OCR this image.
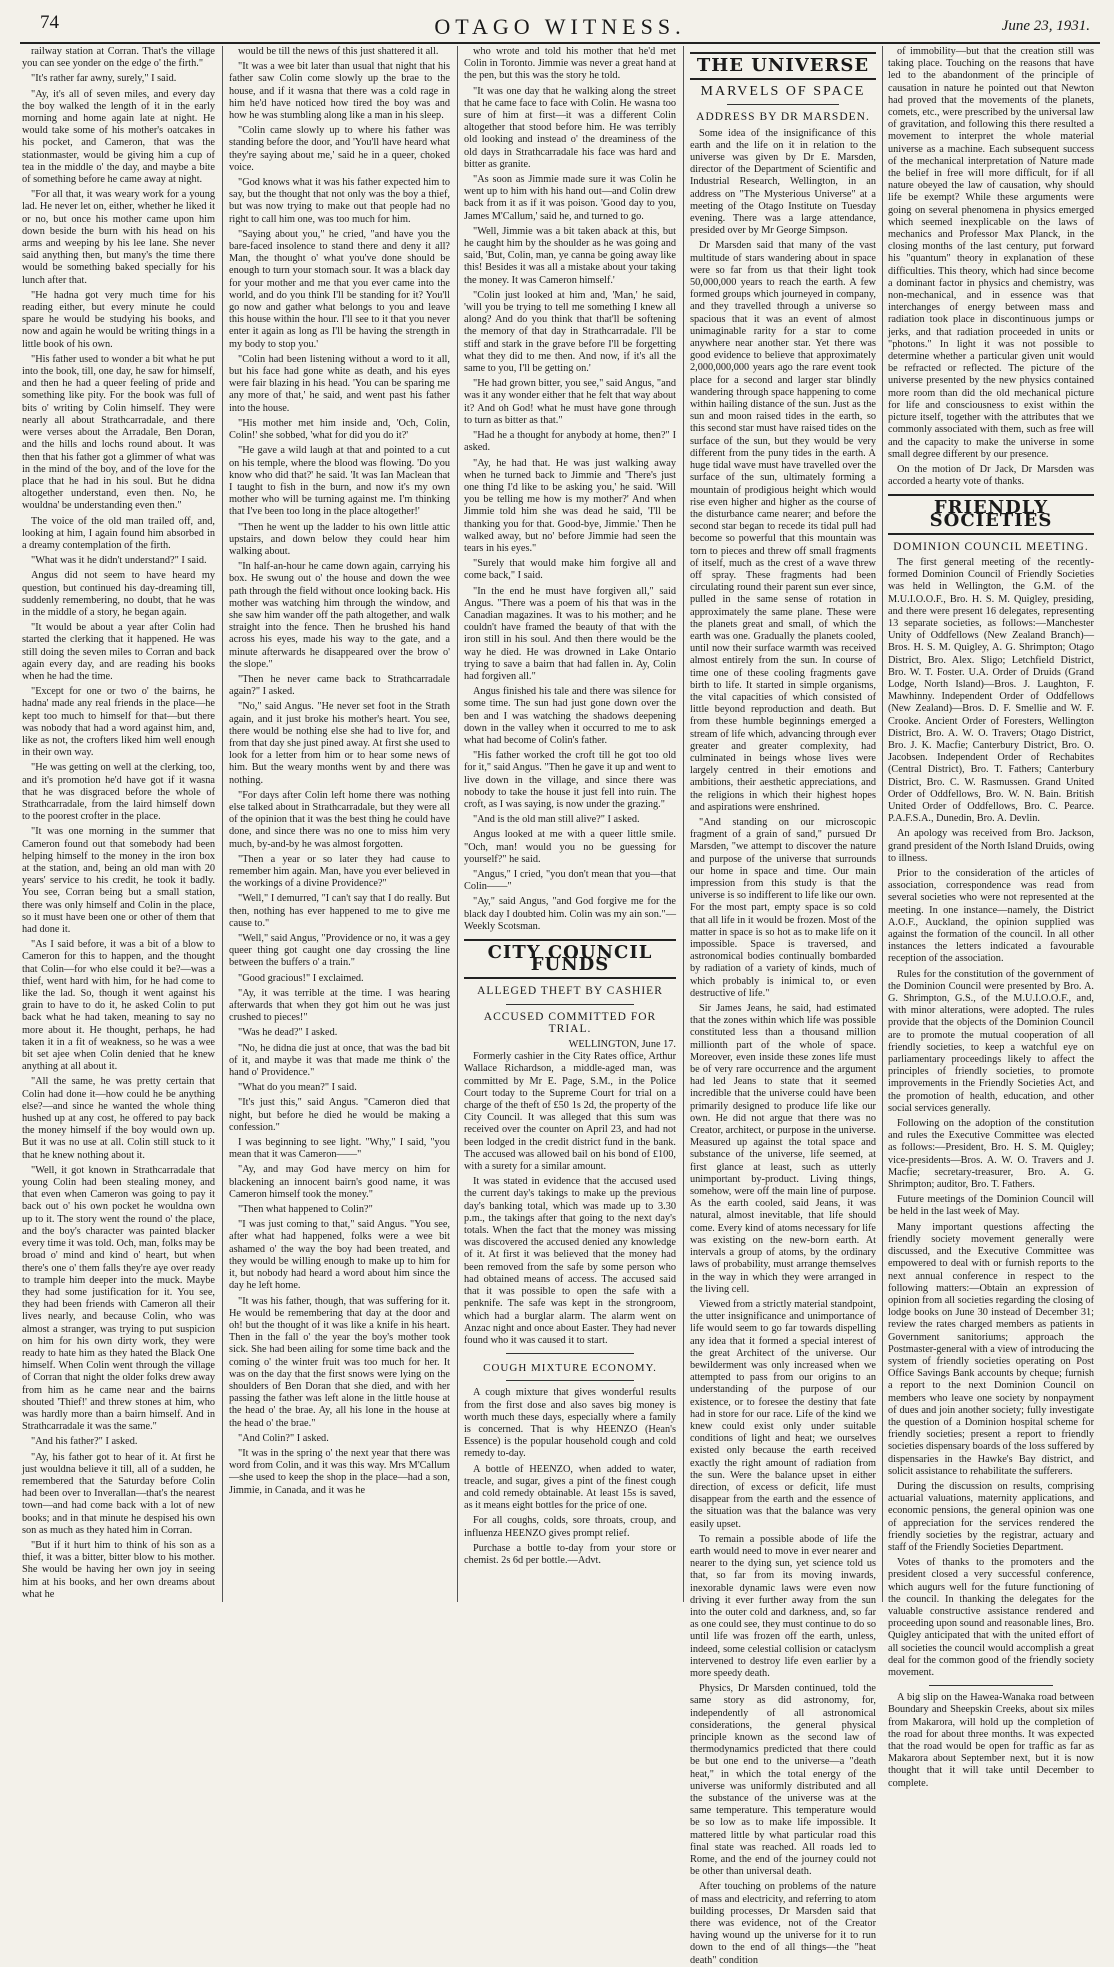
74	OTAGO WITNESS.	June 23, 1931.

railway station at Corran. That's the village you can see yonder on the edge o' the firth."

"It's rather far awny, surely," I said.

"Ay, it's all of seven miles, and every day the boy walked the length of it in the early morning and home again late at night. He would take some of his mother's oatcakes in his pocket, and Cameron, that was the stationmaster, would be giving him a cup of tea in the middle o' the day, and maybe a bite of something before he came away at night.

"For all that, it was weary work for a young lad. He never let on, either, whether he liked it or no, but once his mother came upon him down beside the burn with his head on his arms and weeping by his lee lane. She never said anything then, but many's the time there would be something baked specially for his lunch after that.

"He hadna got very much time for his reading either, but every minute he could spare he would be studying his books, and now and again he would be writing things in a little book of his own.

"His father used to wonder a bit what he put into the book, till, one day, he saw for himself, and then he had a queer feeling of pride and something like pity. For the book was full of bits o' writing by Colin himself. They were nearly all about Strathcarradale, and there were verses about the Arradale, Ben Doran, and the hills and lochs round about. It was then that his father got a glimmer of what was in the mind of the boy, and of the love for the place that he had in his soul. But he didna altogether understand, even then. No, he wouldna' be understanding even then."

The voice of the old man trailed off, and, looking at him, I again found him absorbed in a dreamy contemplation of the firth.

"What was it he didn't understand?" I said.

Angus did not seem to have heard my question, but continued his day-dreaming till, suddenly remembering, no doubt, that he was in the middle of a story, he began again.

"It would be about a year after Colin had started the clerking that it happened. He was still doing the seven miles to Corran and back again every day, and are reading his books when he had the time.

"Except for one or two o' the bairns, he hadna' made any real friends in the place—he kept too much to himself for that—but there was nobody that had a word against him, and, like as not, the crofters liked him well enough in their own way.

"He was getting on well at the clerking, too, and it's promotion he'd have got if it wasna that he was disgraced before the whole of Strathcarradale, from the laird himself down to the poorest crofter in the place.

"It was one morning in the summer that Cameron found out that somebody had been helping himself to the money in the iron box at the station, and, being an old man with 20 years' service to his credit, he took it badly. You see, Corran being but a small station, there was only himself and Colin in the place, so it must have been one or other of them that had done it.

"As I said before, it was a bit of a blow to Cameron for this to happen, and the thought that Colin—for who else could it be?—was a thief, went hard with him, for he had come to like the lad. So, though it went against his grain to have to do it, he asked Colin to put back what he had taken, meaning to say no more about it. He thought, perhaps, he had taken it in a fit of weakness, so he was a wee bit set ajee when Colin denied that he knew anything at all about it.

"All the same, he was pretty certain that Colin had done it—how could he be anything else?—and since he wanted the whole thing hushed up at any cost, he offered to pay back the money himself if the boy would own up. But it was no use at all. Colin still stuck to it that he knew nothing about it.

"Well, it got known in Strathcarradale that young Colin had been stealing money, and that even when Cameron was going to pay it back out o' his own pocket he wouldna own up to it. The story went the round o' the place, and the boy's character was painted blacker every time it was told. Och, man, folks may be broad o' mind and kind o' heart, but when there's one o' them falls they're aye over ready to trample him deeper into the muck. Maybe they had some justification for it. You see, they had been friends with Cameron all their lives nearly, and because Colin, who was almost a stranger, was trying to put suspicion on him for his own dirty work, they were ready to hate him as they hated the Black One himself. When Colin went through the village of Corran that night the older folks drew away from him as he came near and the bairns shouted 'Thief!' and threw stones at him, who was hardly more than a bairn himself. And in Strathcarradale it was the same."

"And his father?" I asked.

"Ay, his father got to hear of it. At first he just wouldna believe it till, all of a sudden, he remembered that the Saturday before Colin had been over to Inverallan—that's the nearest town—and had come back with a lot of new books; and in that minute he despised his own son as much as they hated him in Corran.

"But if it hurt him to think of his son as a thief, it was a bitter, bitter blow to his mother. She would be having her own joy in seeing him at his books, and her own dreams about what he

would be till the news of this just shattered it all.

"It was a wee bit later than usual that night that his father saw Colin come slowly up the brae to the house, and if it wasna that there was a cold rage in him he'd have noticed how tired the boy was and how he was stumbling along like a man in his sleep.

"Colin came slowly up to where his father was standing before the door, and 'You'll have heard what they're saying about me,' said he in a queer, choked voice.

"God knows what it was his father expected him to say, but the thought that not only was the boy a thief, but was now trying to make out that people had no right to call him one, was too much for him.

"Saying about you," he cried, "and have you the bare-faced insolence to stand there and deny it all? Man, the thought o' what you've done should be enough to turn your stomach sour. It was a black day for your mother and me that you ever came into the world, and do you think I'll be standing for it? You'll go now and gather what belongs to you and leave this house within the hour. I'll see to it that you never enter it again as long as I'll be having the strength in my body to stop you.'

"Colin had been listening without a word to it all, but his face had gone white as death, and his eyes were fair blazing in his head. 'You can be sparing me any more of that,' he said, and went past his father into the house.

"His mother met him inside and, 'Och, Colin, Colin!' she sobbed, 'what for did you do it?'

"He gave a wild laugh at that and pointed to a cut on his temple, where the blood was flowing. 'Do you know who did that?' he said. 'It was Ian Maclean that I taught to fish in the burn, and now it's my own mother who will be turning against me. I'm thinking that I've been too long in the place altogether!'

"Then he went up the ladder to his own little attic upstairs, and down below they could hear him walking about.

"In half-an-hour he came down again, carrying his box. He swung out o' the house and down the wee path through the field without once looking back. His mother was watching him through the window, and she saw him wander off the path altogether, and walk straight into the fence. Then he brushed his hand across his eyes, made his way to the gate, and a minute afterwards he disappeared over the brow o' the slope."

"Then he never came back to Strathcarradale again?" I asked.

"No," said Angus. "He never set foot in the Strath again, and it just broke his mother's heart. You see, there would be nothing else she had to live for, and from that day she just pined away. At first she used to look for a letter from him or to hear some news of him. But the weary months went by and there was nothing.

"For days after Colin left home there was nothing else talked about in Strathcarradale, but they were all of the opinion that it was the best thing he could have done, and since there was no one to miss him very much, by-and-by he was almost forgotten.

"Then a year or so later they had cause to remember him again. Man, have you ever believed in the workings of a divine Providence?"

"Well," I demurred, "I can't say that I do really. But then, nothing has ever happened to me to give me cause to."

"Well," said Angus, "Providence or no, it was a gey queer thing got caught one day crossing the line between the buffers o' a train."

"Good gracious!" I exclaimed.

"Ay, it was terrible at the time. I was hearing afterwards that when they got him out he was just crushed to pieces!"

"Was he dead?" I asked.

"No, he didna die just at once, that was the bad bit of it, and maybe it was that made me think o' the hand o' Providence."

"What do you mean?" I said.

"It's just this," said Angus. "Cameron died that night, but before he died he would be making a confession."

I was beginning to see light. "Why," I said, "you mean that it was Cameron——"

"Ay, and may God have mercy on him for blackening an innocent bairn's good name, it was Cameron himself took the money."

"Then what happened to Colin?"

"I was just coming to that," said Angus. "You see, after what had happened, folks were a wee bit ashamed o' the way the boy had been treated, and they would be willing enough to make up to him for it, but nobody had heard a word about him since the day he left home.

"It was his father, though, that was suffering for it. He would be remembering that day at the door and oh! but the thought of it was like a knife in his heart. Then in the fall o' the year the boy's mother took sick. She had been ailing for some time back and the coming o' the winter fruit was too much for her. It was on the day that the first snows were lying on the shoulders of Ben Doran that she died, and with her passing the father was left alone in the little house at the head o' the brae. Ay, all his lone in the house at the head o' the brae."

"And Colin?" I asked.

"It was in the spring o' the next year that there was word from Colin, and it was this way. Mrs M'Callum—she used to keep the shop in the place—had a son, Jimmie, in Canada, and it was he

who wrote and told his mother that he'd met Colin in Toronto. Jimmie was never a great hand at the pen, but this was the story he told.

"It was one day that he walking along the street that he came face to face with Colin. He wasna too sure of him at first—it was a different Colin altogether that stood before him. He was terribly old looking and instead o' the dreaminess of the old days in Strathcarradale his face was hard and bitter as granite.

"As soon as Jimmie made sure it was Colin he went up to him with his hand out—and Colin drew back from it as if it was poison. 'Good day to you, James M'Callum,' said he, and turned to go.

"Well, Jimmie was a bit taken aback at this, but he caught him by the shoulder as he was going and said, 'But, Colin, man, ye canna be going away like this! Besides it was all a mistake about your taking the money. It was Cameron himself.'

"Colin just looked at him and, 'Man,' he said, 'will you be trying to tell me something I knew all along? And do you think that that'll be softening the memory of that day in Strathcarradale. I'll be stiff and stark in the grave before I'll be forgetting what they did to me then. And now, if it's all the same to you, I'll be getting on.'

"He had grown bitter, you see," said Angus, "and was it any wonder either that he felt that way about it? And oh God! what he must have gone through to turn as bitter as that."

"Had he a thought for anybody at home, then?" I asked.

"Ay, he had that. He was just walking away when he turned back to Jimmie and 'There's just one thing I'd like to be asking you,' he said. 'Will you be telling me how is my mother?' And when Jimmie told him she was dead he said, 'I'll be thanking you for that. Good-bye, Jimmie.' Then he walked away, but no' before Jimmie had seen the tears in his eyes."

"Surely that would make him forgive all and come back," I said.

"In the end he must have forgiven all," said Angus. "There was a poem of his that was in the Canadian magazines. It was to his mother; and he couldn't have framed the beauty of that with the iron still in his soul. And then there would be the way he died. He was drowned in Lake Ontario trying to save a bairn that had fallen in. Ay, Colin had forgiven all."

Angus finished his tale and there was silence for some time. The sun had just gone down over the ben and I was watching the shadows deepening down in the valley when it occurred to me to ask what had become of Colin's father.

"His father worked the croft till he got too old for it," said Angus. "Then he gave it up and went to live down in the village, and since there was nobody to take the house it just fell into ruin. The croft, as I was saying, is now under the grazing."

"And is the old man still alive?" I asked.

Angus looked at me with a queer little smile. "Och, man! would you no be guessing for yourself?" he said.

"Angus," I cried, "you don't mean that you—that Colin——"

"Ay," said Angus, "and God forgive me for the black day I doubted him. Colin was my ain son."—Weekly Scotsman.

CITY COUNCIL FUNDS
ALLEGED THEFT BY CASHIER
ACCUSED COMMITTED FOR TRIAL.
WELLINGTON, June 17.

Formerly cashier in the City Rates office, Arthur Wallace Richardson, a middle-aged man, was committed by Mr E. Page, S.M., in the Police Court today to the Supreme Court for trial on a charge of the theft of £50 1s 2d, the property of the City Council. It was alleged that this sum was received over the counter on April 23, and had not been lodged in the credit district fund in the bank. The accused was allowed bail on his bond of £100, with a surety for a similar amount.

It was stated in evidence that the accused used the current day's takings to make up the previous day's banking total, which was made up to 3.30 p.m., the takings after that going to the next day's totals. When the fact that the money was missing was discovered the accused denied any knowledge of it. At first it was believed that the money had been removed from the safe by some person who had obtained means of access. The accused said that it was possible to open the safe with a penknife. The safe was kept in the strongroom, which had a burglar alarm. The alarm went on Anzac night and once about Easter. They had never found who it was caused it to start.

COUGH MIXTURE ECONOMY.

A cough mixture that gives wonderful results from the first dose and also saves big money is worth much these days, especially where a family is concerned. That is why HEENZO (Hean's Essence) is the popular household cough and cold remedy to-day.

A bottle of HEENZO, when added to water, treacle, and sugar, gives a pint of the finest cough and cold remedy obtainable. At least 15s is saved, as it means eight bottles for the price of one.

For all coughs, colds, sore throats, croup, and influenza HEENZO gives prompt relief.

Purchase a bottle to-day from your store or chemist. 2s 6d per bottle.—Advt.

THE UNIVERSE
MARVELS OF SPACE
ADDRESS BY DR MARSDEN.

Some idea of the insignificance of this earth and the life on it in relation to the universe was given by Dr E. Marsden, director of the Department of Scientific and Industrial Research, Wellington, in an address on "The Mysterious Universe" at a meeting of the Otago Institute on Tuesday evening. There was a large attendance, presided over by Mr George Simpson.

Dr Marsden said that many of the vast multitude of stars wandering about in space were so far from us that their light took 50,000,000 years to reach the earth. A few formed groups which journeyed in company, and they travelled through a universe so spacious that it was an event of almost unimaginable rarity for a star to come anywhere near another star. Yet there was good evidence to believe that approximately 2,000,000,000 years ago the rare event took place for a second and larger star blindly wandering through space happening to come within hailing distance of the sun. Just as the sun and moon raised tides in the earth, so this second star must have raised tides on the surface of the sun, but they would be very different from the puny tides in the earth. A huge tidal wave must have travelled over the surface of the sun, ultimately forming a mountain of prodigious height which would rise even higher and higher as the course of the disturbance came nearer; and before the second star began to recede its tidal pull had become so powerful that this mountain was torn to pieces and threw off small fragments of itself, much as the crest of a wave threw off spray. These fragments had been circulating round their parent sun ever since, pulled in the same sense of rotation in approximately the same plane. These were the planets great and small, of which the earth was one. Gradually the planets cooled, until now their surface warmth was received almost entirely from the sun. In course of time one of these cooling fragments gave birth to life. It started in simple organisms, the vital capacities of which consisted of little beyond reproduction and death. But from these humble beginnings emerged a stream of life which, advancing through ever greater and greater complexity, had culminated in beings whose lives were largely centred in their emotions and ambitions, their aesthetic appreciations, and the religions in which their highest hopes and aspirations were enshrined.

"And standing on our microscopic fragment of a grain of sand," pursued Dr Marsden, "we attempt to discover the nature and purpose of the universe that surrounds our home in space and time. Our main impression from this study is that the universe is so indifferent to life like our own. For the most part, empty space is so cold that all life in it would be frozen. Most of the matter in space is so hot as to make life on it impossible. Space is traversed, and astronomical bodies continually bombarded by radiation of a variety of kinds, much of which probably is inimical to, or even destructive of life."

Sir James Jeans, he said, had estimated that the zones within which life was possible constituted less than a thousand million millionth part of the whole of space. Moreover, even inside these zones life must be of very rare occurrence and the argument had led Jeans to state that it seemed incredible that the universe could have been primarily designed to produce life like our own. He did not argue that there was no Creator, architect, or purpose in the universe. Measured up against the total space and substance of the universe, life seemed, at first glance at least, such as utterly unimportant by-product. Living things, somehow, were off the main line of purpose. As the earth cooled, said Jeans, it was natural, almost inevitable, that life should come. Every kind of atoms necessary for life was existing on the new-born earth. At intervals a group of atoms, by the ordinary laws of probability, must arrange themselves in the way in which they were arranged in the living cell.

Viewed from a strictly material standpoint, the utter insignificance and unimportance of life would seem to go far towards dispelling any idea that it formed a special interest of the great Architect of the universe. Our bewilderment was only increased when we attempted to pass from our origins to an understanding of the purpose of our existence, or to foresee the destiny that fate had in store for our race. Life of the kind we knew could exist only under suitable conditions of light and heat; we ourselves existed only because the earth received exactly the right amount of radiation from the sun. Were the balance upset in either direction, of excess or deficit, life must disappear from the earth and the essence of the situation was that the balance was very easily upset.

To remain a possible abode of life the earth would need to move in ever nearer and nearer to the dying sun, yet science told us that, so far from its moving inwards, inexorable dynamic laws were even now driving it ever further away from the sun into the outer cold and darkness, and, so far as one could see, they must continue to do so until life was frozen off the earth, unless, indeed, some celestial collision or cataclysm intervened to destroy life even earlier by a more speedy death.

Physics, Dr Marsden continued, told the same story as did astronomy, for, independently of all astronomical considerations, the general physical principle known as the second law of thermodynamics predicted that there could be but one end to the universe—a "death heat," in which the total energy of the universe was uniformly distributed and all the substance of the universe was at the same temperature. This temperature would be so low as to make life impossible. It mattered little by what particular road this final state was reached. All roads led to Rome, and the end of the journey could not be other than universal death.

After touching on problems of the nature of mass and electricity, and referring to atom building processes, Dr Marsden said that there was evidence, not of the Creator having wound up the universe for it to run down to the end of all things—the "heat death" condition

of immobility—but that the creation still was taking place. Touching on the reasons that have led to the abandonment of the principle of causation in nature he pointed out that Newton had proved that the movements of the planets, comets, etc., were prescribed by the universal law of gravitation, and following this there resulted a movement to interpret the whole material universe as a machine. Each subsequent success of the mechanical interpretation of Nature made the belief in free will more difficult, for if all nature obeyed the law of causation, why should life be exempt? While these arguments were going on several phenomena in physics emerged which seemed inexplicable on the laws of mechanics and Professor Max Planck, in the closing months of the last century, put forward his "quantum" theory in explanation of these difficulties. This theory, which had since become a dominant factor in physics and chemistry, was non-mechanical, and in essence was that interchanges of energy between mass and radiation took place in discontinuous jumps or jerks, and that radiation proceeded in units or "photons." In light it was not possible to determine whether a particular given unit would be refracted or reflected. The picture of the universe presented by the new physics contained more room than did the old mechanical picture for life and consciousness to exist within the picture itself, together with the attributes that we commonly associated with them, such as free will and the capacity to make the universe in some small degree different by our presence.

On the motion of Dr Jack, Dr Marsden was accorded a hearty vote of thanks.

FRIENDLY SOCIETIES
DOMINION COUNCIL MEETING.

The first general meeting of the recently-formed Dominion Council of Friendly Societies was held in Wellington, the G.M. of the M.U.I.O.O.F., Bro. H. S. M. Quigley, presiding, and there were present 16 delegates, representing 13 separate societies, as follows:—Manchester Unity of Oddfellows (New Zealand Branch)—Bros. H. S. M. Quigley, A. G. Shrimpton; Otago District, Bro. Alex. Sligo; Letchfield District, Bro. W. T. Foster. U.A. Order of Druids (Grand Lodge, North Island)—Bros. J. Laughton, F. Mawhinny. Independent Order of Oddfellows (New Zealand)—Bros. D. F. Smellie and W. F. Crooke. Ancient Order of Foresters, Wellington District, Bro. A. W. O. Travers; Otago District, Bro. J. K. Macfie; Canterbury District, Bro. O. Jacobsen. Independent Order of Rechabites (Central District), Bro. T. Fathers; Canterbury District, Bro. C. W. Rasmussen. Grand United Order of Oddfellows, Bro. W. N. Bain. British United Order of Oddfellows, Bro. C. Pearce. P.A.F.S.A., Dunedin, Bro. A. Devlin.

An apology was received from Bro. Jackson, grand president of the North Island Druids, owing to illness.

Prior to the consideration of the articles of association, correspondence was read from several societies who were not represented at the meeting. In one instance—namely, the District A.O.F., Auckland, the opinion supplied was against the formation of the council. In all other instances the letters indicated a favourable reception of the association.

Rules for the constitution of the government of the Dominion Council were presented by Bro. A. G. Shrimpton, G.S., of the M.U.I.O.O.F., and, with minor alterations, were adopted. The rules provide that the objects of the Dominion Council are to promote the mutual cooperation of all friendly societies, to keep a watchful eye on parliamentary proceedings likely to affect the principles of friendly societies, to promote improvements in the Friendly Societies Act, and the promotion of health, education, and other social services generally.

Following on the adoption of the constitution and rules the Executive Committee was elected as follows:—President, Bro. H. S. M. Quigley; vice-presidents—Bros. A. W. O. Travers and J. Macfie; secretary-treasurer, Bro. A. G. Shrimpton; auditor, Bro. T. Fathers.

Future meetings of the Dominion Council will be held in the last week of May.

Many important questions affecting the friendly society movement generally were discussed, and the Executive Committee was empowered to deal with or furnish reports to the next annual conference in respect to the following matters:—Obtain an expression of opinion from all societies regarding the closing of lodge books on June 30 instead of December 31; review the rates charged members as patients in Government sanitoriums; approach the Postmaster-general with a view of introducing the system of friendly societies operating on Post Office Savings Bank accounts by cheque; furnish a report to the next Dominion Council on members who leave one society by nonpayment of dues and join another society; fully investigate the question of a Dominion hospital scheme for friendly societies; present a report to friendly societies dispensary boards of the loss suffered by dispensaries in the Hawke's Bay district, and solicit assistance to rehabilitate the sufferers.

During the discussion on results, comprising actuarial valuations, maternity applications, and economic pensions, the general opinion was one of appreciation for the services rendered the friendly societies by the registrar, actuary and staff of the Friendly Societies Department.

Votes of thanks to the promoters and the president closed a very successful conference, which augurs well for the future functioning of the council. In thanking the delegates for the valuable constructive assistance rendered and proceeding upon sound and reasonable lines, Bro. Quigley anticipated that with the united effort of all societies the council would accomplish a great deal for the common good of the friendly society movement.

A big slip on the Hawea-Wanaka road between Boundary and Sheepskin Creeks, about six miles from Makarora, will hold up the completion of the road for about three months. It was expected that the road would be open for traffic as far as Makarora about September next, but it is now thought that it will take until December to complete.
